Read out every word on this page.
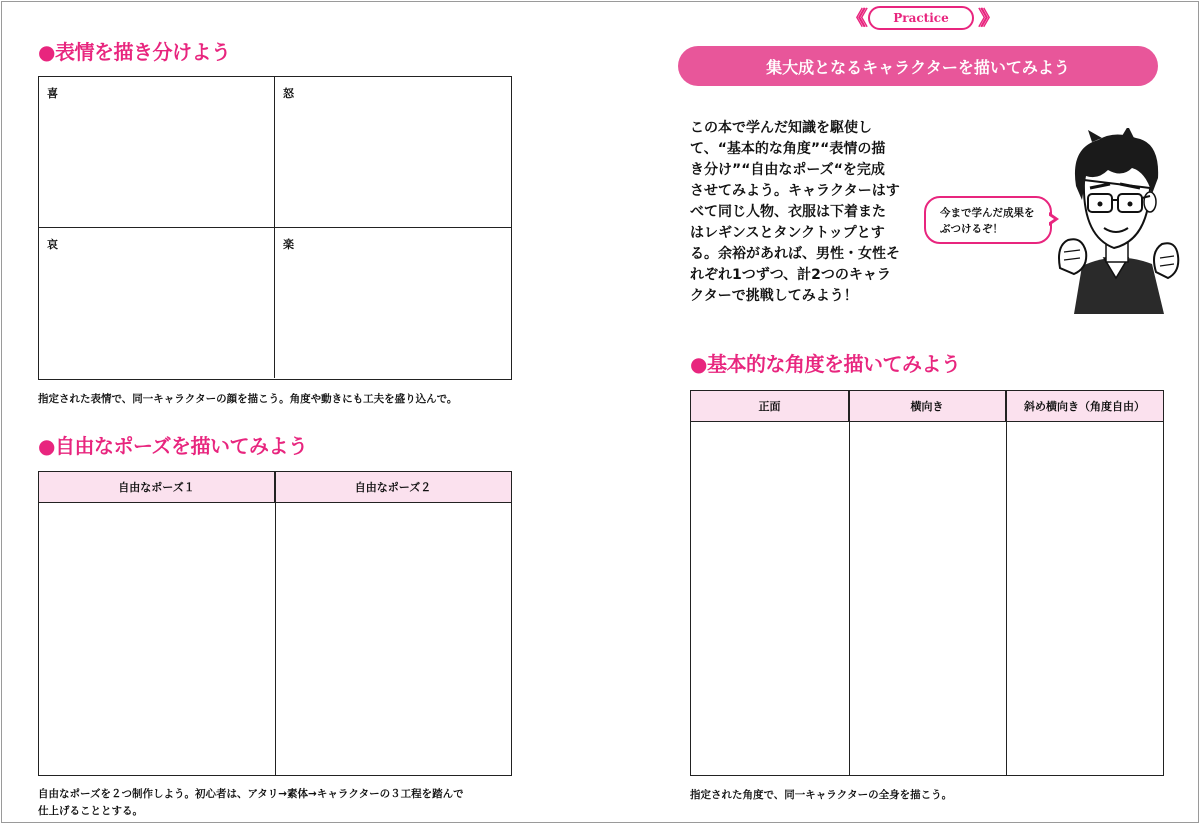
●表情を描き分けよう
喜	怒
哀	楽
指定された表情で、同一キャラクターの顔を描こう。角度や動きにも工夫を盛り込んで。
●自由なポーズを描いてみよう
自由なポーズ１	自由なポーズ２
自由なポーズを２つ制作しよう。初心者は、アタリ→素体→キャラクターの３工程を踏んで
仕上げることとする。
《《	Practice	》》
集大成となるキャラクターを描いてみよう
この本で学んだ知識を駆使し
て、“基本的な角度”“表情の描
き分け”“自由なポーズ“を完成
させてみよう。キャラクターはす
べて同じ人物、衣服は下着また
はレギンスとタンクトップとす
る。余裕があれば、男性・女性そ
れぞれ1つずつ、計2つのキャラ
クターで挑戦してみよう！
今まで学んだ成果を
ぶつけるぞ！
●基本的な角度を描いてみよう
正面	横向き	斜め横向き（角度自由）
指定された角度で、同一キャラクターの全身を描こう。
